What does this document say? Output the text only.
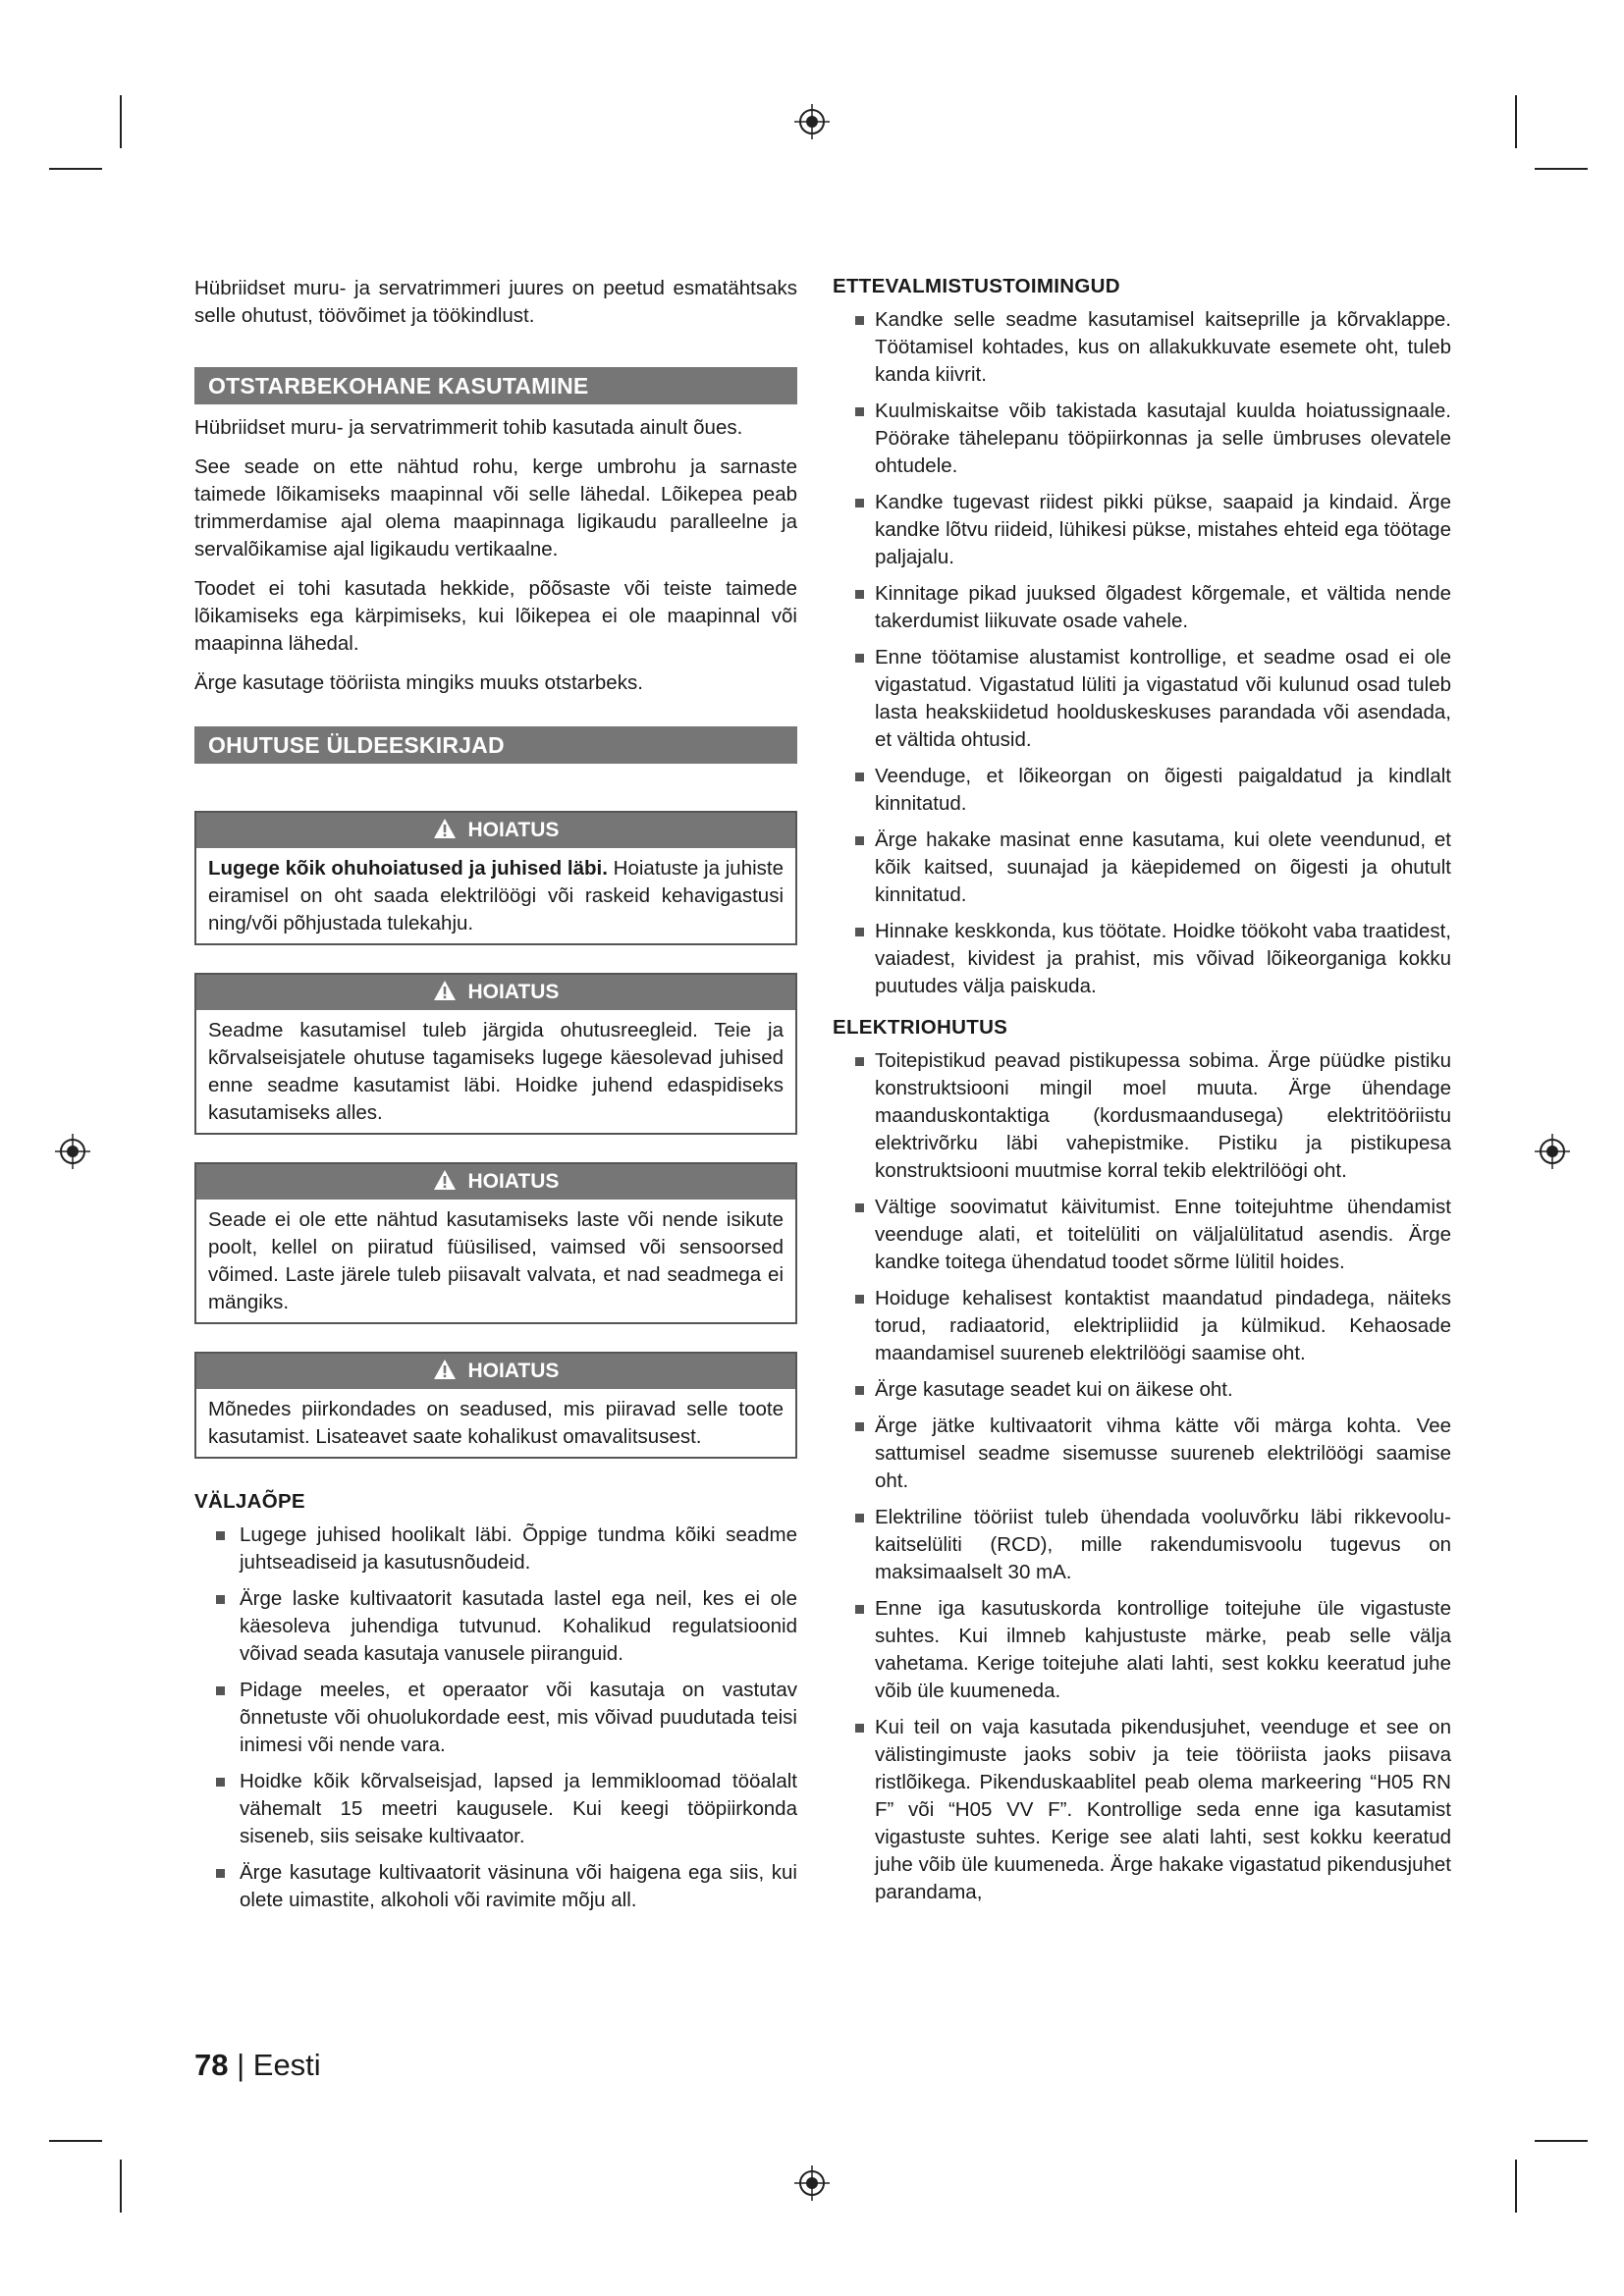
Hübriidset muru- ja servatrimmeri juures on peetud esmatähtsaks selle ohutust, töövõimet ja töökindlust.

OTSTARBEKOHANE KASUTAMINE

Hübriidset muru- ja servatrimmerit tohib kasutada ainult õues.

See seade on ette nähtud rohu, kerge umbrohu ja sarnaste taimede lõikamiseks maapinnal või selle lähedal. Lõikepea peab trimmerdamise ajal olema maapinnaga ligikaudu paralleelne ja servalõikamise ajal ligikaudu vertikaalne.

Toodet ei tohi kasutada hekkide, põõsaste või teiste taimede lõikamiseks ega kärpimiseks, kui lõikepea ei ole maapinnal või maapinna lähedal.

Ärge kasutage tööriista mingiks muuks otstarbeks.

OHUTUSE ÜLDEESKIRJAD
HOIATUS

Lugege kõik ohuhoiatused ja juhised läbi. Hoiatuste ja juhiste eiramisel on oht saada elektrilöögi või raskeid kehavigastusi ning/või põhjustada tulekahju.

HOIATUS

Seadme kasutamisel tuleb järgida ohutusreegleid. Teie ja kõrvalseisjatele ohutuse tagamiseks lugege käesolevad juhised enne seadme kasutamist läbi. Hoidke juhend edaspidiseks kasutamiseks alles.

HOIATUS

Seade ei ole ette nähtud kasutamiseks laste või nende isikute poolt, kellel on piiratud füüsilised, vaimsed või sensoorsed võimed. Laste järele tuleb piisavalt valvata, et nad seadmega ei mängiks.

HOIATUS

Mõnedes piirkondades on seadused, mis piiravad selle toote kasutamist. Lisateavet saate kohalikust omavalitsusest.

VÄLJAÕPE
Lugege juhised hoolikalt läbi. Õppige tundma kõiki seadme juhtseadiseid ja kasutusnõudeid.
Ärge laske kultivaatorit kasutada lastel ega neil, kes ei ole käesoleva juhendiga tutvunud. Kohalikud regulatsioonid võivad seada kasutaja vanusele piiranguid.
Pidage meeles, et operaator või kasutaja on vastutav õnnetuste või ohuolukordade eest, mis võivad puudutada teisi inimesi või nende vara.
Hoidke kõik kõrvalseisjad, lapsed ja lemmikloomad tööalalt vähemalt 15 meetri kaugusele. Kui keegi tööpiirkonda siseneb, siis seisake kultivaator.
Ärge kasutage kultivaatorit väsinuna või haigena ega siis, kui olete uimastite, alkoholi või ravimite mõju all.
ETTEVALMISTUSTOIMINGUD
Kandke selle seadme kasutamisel kaitseprille ja kõrvaklappe. Töötamisel kohtades, kus on allakukkuvate esemete oht, tuleb kanda kiivrit.
Kuulmiskaitse võib takistada kasutajal kuulda hoiatussignaale. Pöörake tähelepanu tööpiirkonnas ja selle ümbruses olevatele ohtudele.
Kandke tugevast riidest pikki pükse, saapaid ja kindaid. Ärge kandke lõtvu riideid, lühikesi pükse, mistahes ehteid ega töötage paljajalu.
Kinnitage pikad juuksed õlgadest kõrgemale, et vältida nende takerdumist liikuvate osade vahele.
Enne töötamise alustamist kontrollige, et seadme osad ei ole vigastatud. Vigastatud lüliti ja vigastatud või kulunud osad tuleb lasta heakskiidetud hoolduskeskuses parandada või asendada, et vältida ohtusid.
Veenduge, et lõikeorgan on õigesti paigaldatud ja kindlalt kinnitatud.
Ärge hakake masinat enne kasutama, kui olete veendunud, et kõik kaitsed, suunajad ja käepidemed on õigesti ja ohutult kinnitatud.
Hinnake keskkonda, kus töötate. Hoidke töökoht vaba traatidest, vaiadest, kividest ja prahist, mis võivad lõikeorganiga kokku puutudes välja paiskuda.
ELEKTRIOHUTUS
Toitepistikud peavad pistikupessa sobima. Ärge püüdke pistiku konstruktsiooni mingil moel muuta. Ärge ühendage maanduskontaktiga (kordusmaandusega) elektritööriistu elektrivõrku läbi vahepistmike. Pistiku ja pistikupesa konstruktsiooni muutmise korral tekib elektrilöögi oht.
Vältige soovimatut käivitumist. Enne toitejuhtme ühendamist veenduge alati, et toitelüliti on väljalülitatud asendis. Ärge kandke toitega ühendatud toodet sõrme lülitil hoides.
Hoiduge kehalisest kontaktist maandatud pindadega, näiteks torud, radiaatorid, elektripliidid ja külmikud. Kehaosade maandamisel suureneb elektrilöögi saamise oht.
Ärge kasutage seadet kui on äikese oht.
Ärge jätke kultivaatorit vihma kätte või märga kohta. Vee sattumisel seadme sisemusse suureneb elektrilöögi saamise oht.
Elektriline tööriist tuleb ühendada vooluvõrku läbi rikkevoolu-kaitselüliti (RCD), mille rakendumisvoolu tugevus on maksimaalselt 30 mA.
Enne iga kasutuskorda kontrollige toitejuhe üle vigastuste suhtes. Kui ilmneb kahjustuste märke, peab selle välja vahetama. Kerige toitejuhe alati lahti, sest kokku keeratud juhe võib üle kuumeneda.
Kui teil on vaja kasutada pikendusjuhet, veenduge et see on välistingimuste jaoks sobiv ja teie tööriista jaoks piisava ristlõikega. Pikenduskaablitel peab olema markeering “H05 RN F” või “H05 VV F”. Kontrollige seda enne iga kasutamist vigastuste suhtes. Kerige see alati lahti, sest kokku keeratud juhe võib üle kuumeneda. Ärge hakake vigastatud pikendusjuhet parandama,
78 | Eesti
